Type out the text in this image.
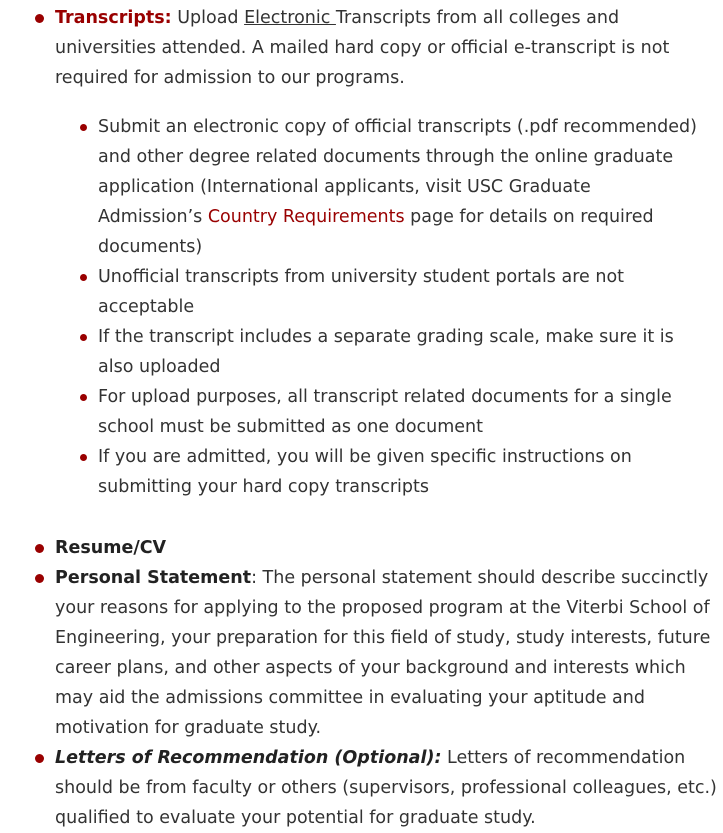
Transcripts: Upload Electronic Transcripts from all colleges and universities attended. A mailed hard copy or official e-transcript is not required for admission to our programs.
Submit an electronic copy of official transcripts (.pdf recommended) and other degree related documents through the online graduate application (International applicants, visit USC Graduate Admission’s Country Requirements page for details on required documents)
Unofficial transcripts from university student portals are not acceptable
If the transcript includes a separate grading scale, make sure it is also uploaded
For upload purposes, all transcript related documents for a single school must be submitted as one document
If you are admitted, you will be given specific instructions on submitting your hard copy transcripts
Resume/CV
Personal Statement: The personal statement should describe succinctly your reasons for applying to the proposed program at the Viterbi School of Engineering, your preparation for this field of study, study interests, future career plans, and other aspects of your background and interests which may aid the admissions committee in evaluating your aptitude and motivation for graduate study.
Letters of Recommendation (Optional): Letters of recommendation should be from faculty or others (supervisors, professional colleagues, etc.) qualified to evaluate your potential for graduate study.
